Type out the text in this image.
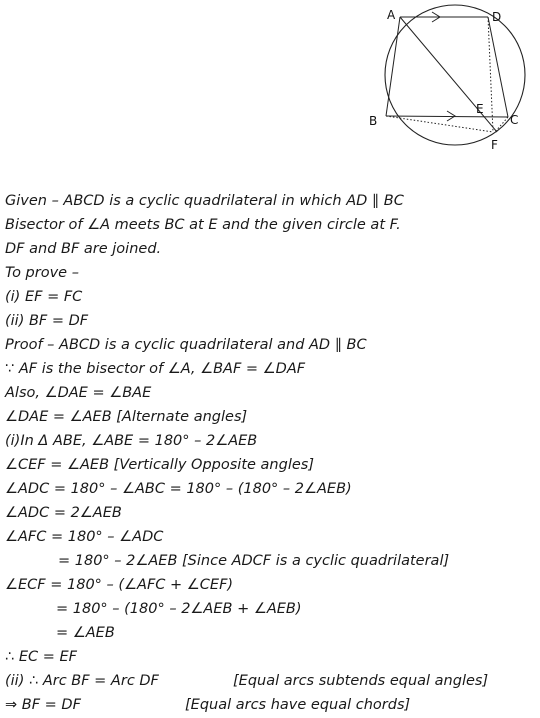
A	D
B	C
E
F
Given – ABCD is a cyclic quadrilateral in which AD ∥ BC
Bisector of ∠A meets BC at E and the given circle at F.
DF and BF are joined.
To prove –
(i) EF = FC
(ii) BF = DF
Proof – ABCD is a cyclic quadrilateral and AD ∥ BC
∵ AF is the bisector of ∠A, ∠BAF = ∠DAF
Also, ∠DAE = ∠BAE
∠DAE = ∠AEB [Alternate angles]
(i)In Δ ABE, ∠ABE = 180° – 2∠AEB
∠CEF = ∠AEB [Vertically Opposite angles]
∠ADC = 180° – ∠ABC = 180° – (180° – 2∠AEB)
∠ADC = 2∠AEB
∠AFC = 180° – ∠ADC
= 180° – 2∠AEB [Since ADCF is a cyclic quadrilateral]
∠ECF = 180° – (∠AFC + ∠CEF)
= 180° – (180° – 2∠AEB + ∠AEB)
= ∠AEB
∴ EC = EF
(ii) ∴ Arc BF = Arc DF	[Equal arcs subtends equal angles]
⇒ BF = DF	[Equal arcs have equal chords]
